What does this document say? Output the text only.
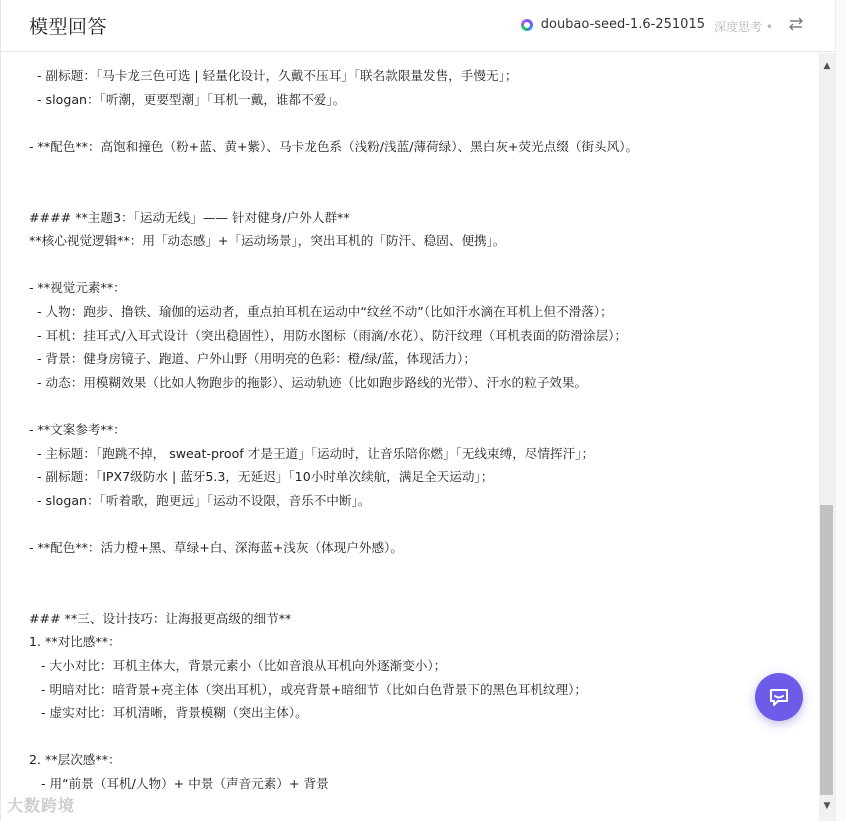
模型回答	doubao-seed-1.6-251015 深度思考 •
- 副标题：「马卡龙三色可选 | 轻量化设计，久戴不压耳」「联名款限量发售，手慢无」；
- slogan：「听潮，更要型潮」「耳机一戴，谁都不爱」。
- **配色**：高饱和撞色（粉+蓝、黄+紫）、马卡龙色系（浅粉/浅蓝/薄荷绿）、黑白灰+荧光点缀（街头风）。
#### **主题3：「运动无线」—— 针对健身/户外人群**
**核心视觉逻辑**：用「动态感」+「运动场景」，突出耳机的「防汗、稳固、便携」。
- **视觉元素**：
- 人物：跑步、撸铁、瑜伽的运动者，重点拍耳机在运动中“纹丝不动”（比如汗水滴在耳机上但不滑落）；
- 耳机：挂耳式/入耳式设计（突出稳固性），用防水图标（雨滴/水花）、防汗纹理（耳机表面的防滑涂层）；
- 背景：健身房镜子、跑道、户外山野（用明亮的色彩：橙/绿/蓝，体现活力）；
- 动态：用模糊效果（比如人物跑步的拖影）、运动轨迹（比如跑步路线的光带）、汗水的粒子效果。
- **文案参考**：
- 主标题：「跑跳不掉， sweat-proof 才是王道」「运动时，让音乐陪你燃」「无线束缚，尽情挥汗」；
- 副标题：「IPX7级防水 | 蓝牙5.3，无延迟」「10小时单次续航，满足全天运动」；
- slogan：「听着歌，跑更远」「运动不设限，音乐不中断」。
- **配色**：活力橙+黑、草绿+白、深海蓝+浅灰（体现户外感）。
### **三、设计技巧：让海报更高级的细节**
1. **对比感**：
- 大小对比：耳机主体大，背景元素小（比如音浪从耳机向外逐渐变小）；
- 明暗对比：暗背景+亮主体（突出耳机），或亮背景+暗细节（比如白色背景下的黑色耳机纹理）；
- 虚实对比：耳机清晰，背景模糊（突出主体）。
2. **层次感**：
- 用“前景（耳机/人物）+ 中景（声音元素）+ 背景
▲
▼
大数跨境
